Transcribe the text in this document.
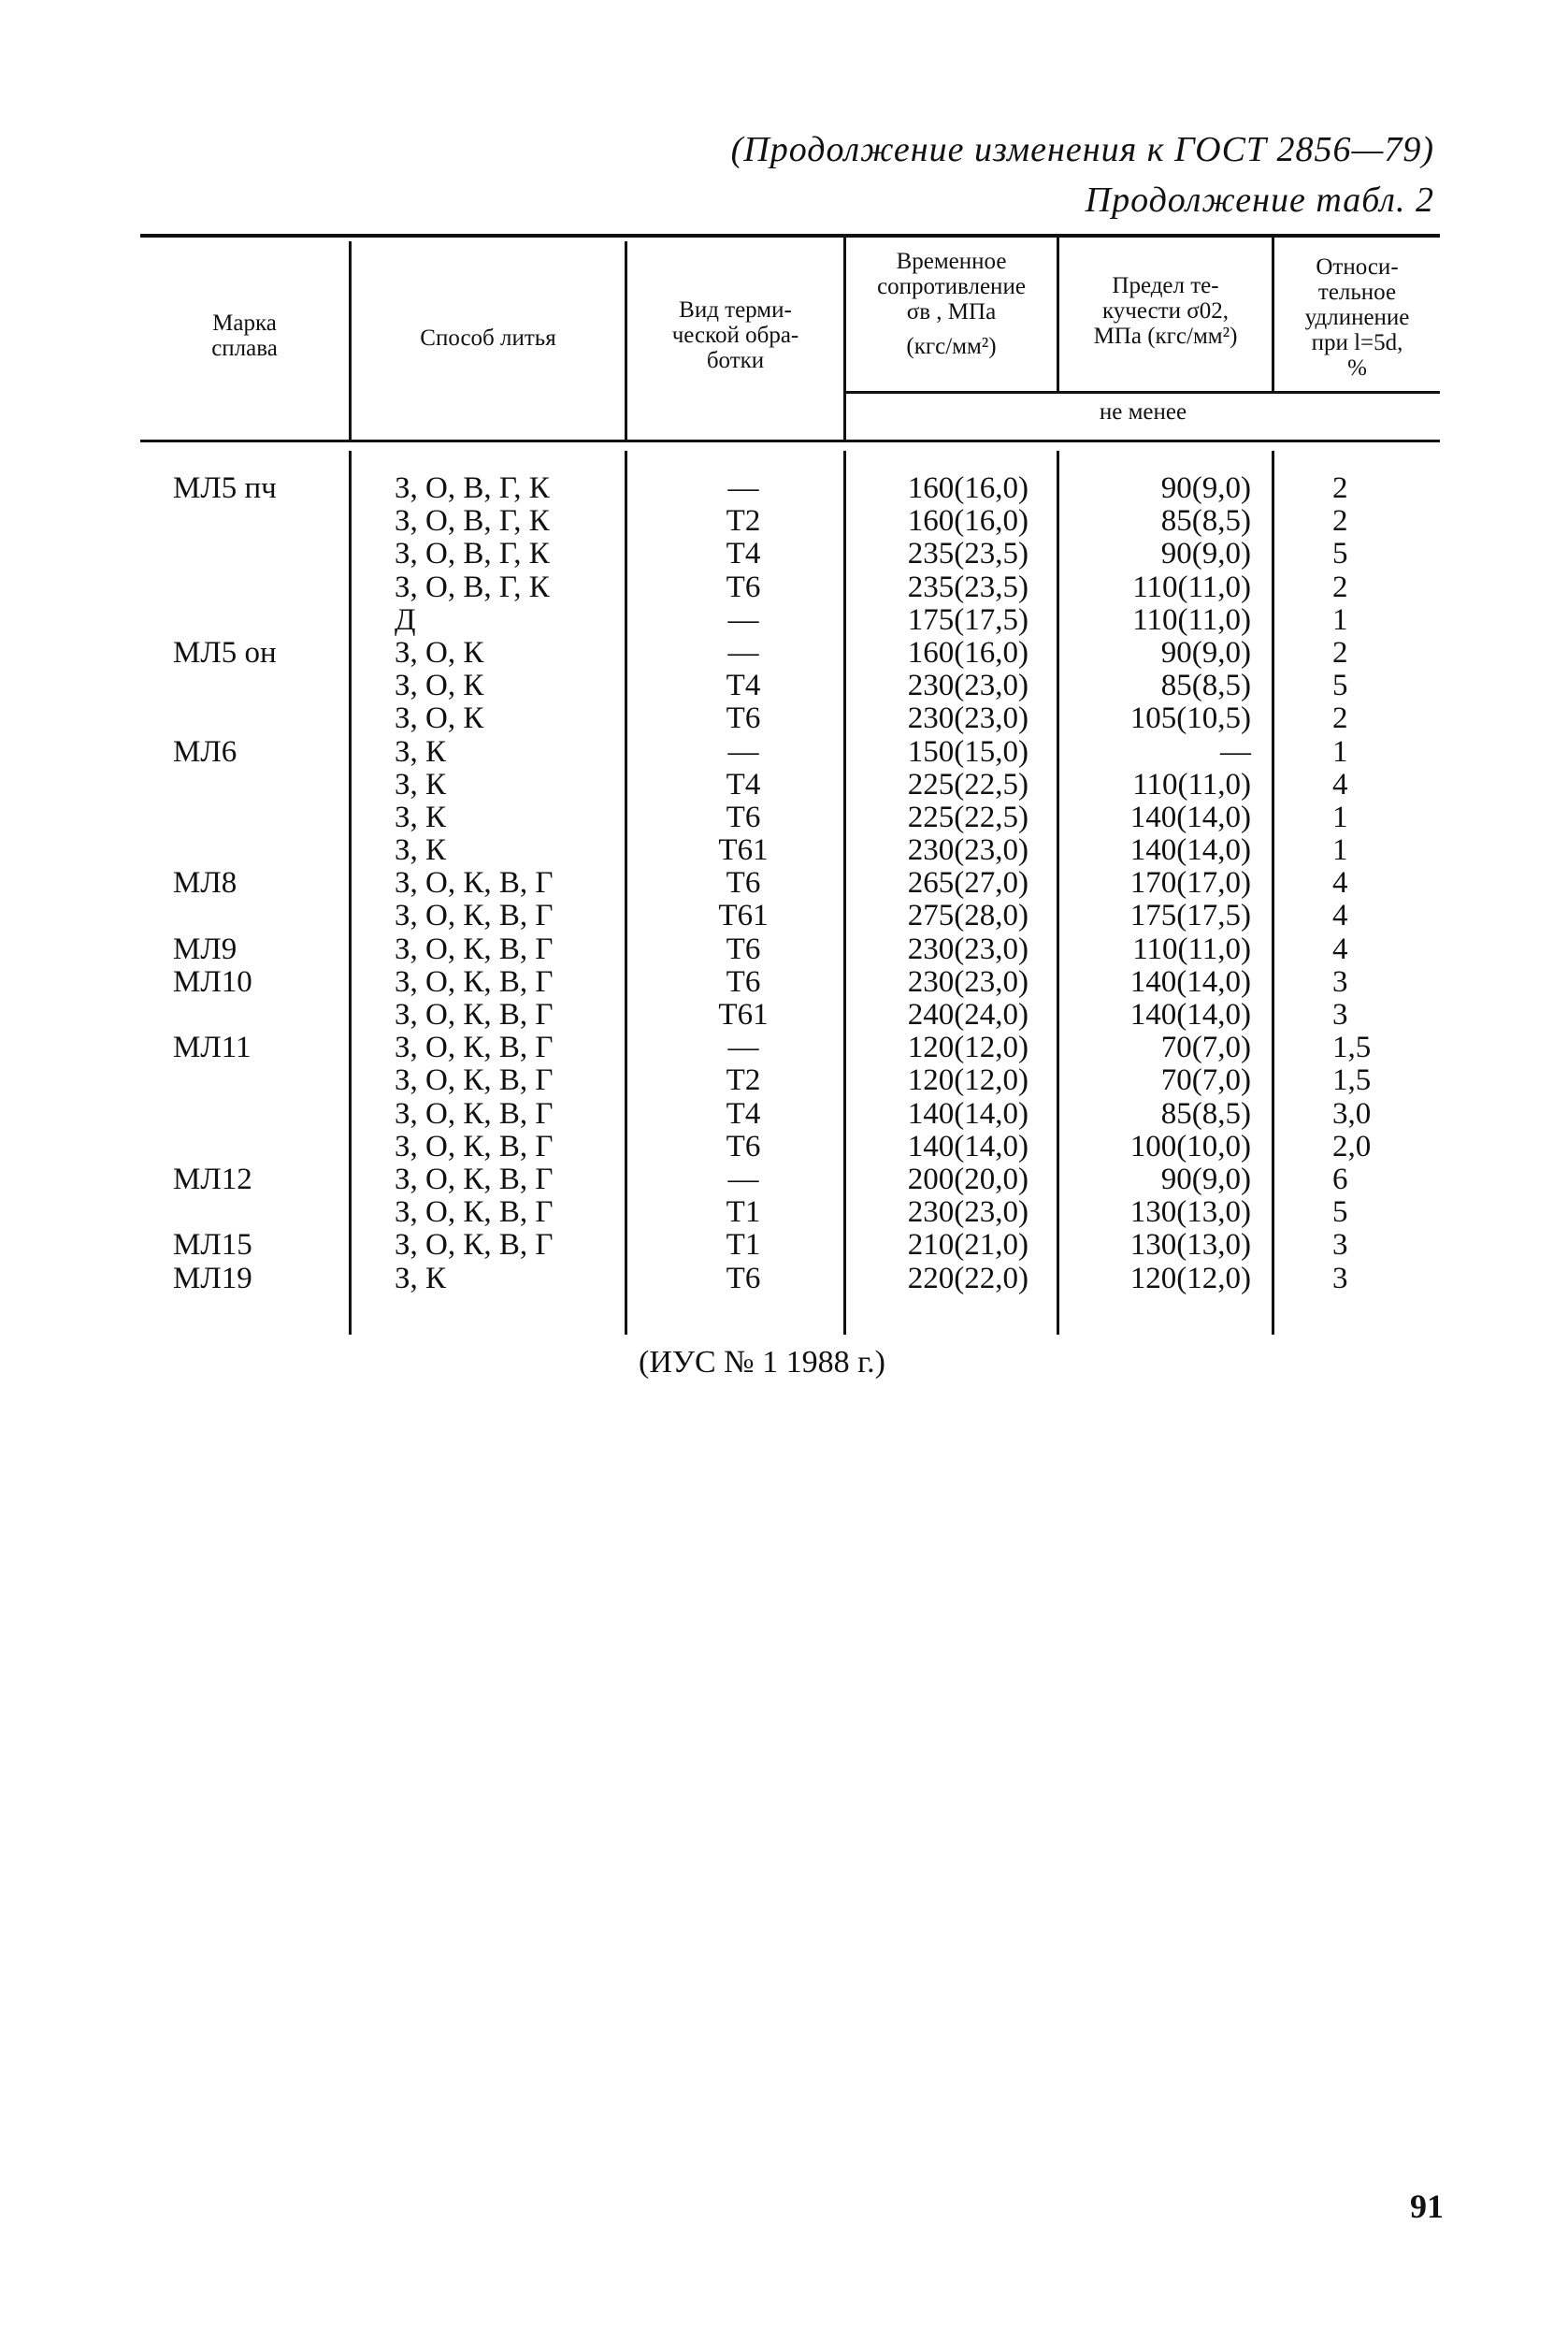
(Продолжение изменения к ГОСТ 2856—79)
Продолжение табл. 2
Марка
сплава	Способ литья
Вид терми-
ческой обра-
ботки
Временное
сопротивление
σв , МПа
(кгс/мм²)
Предел те-
кучести σ02,
МПа (кгс/мм²)
Относи-
тельное
удлинение
при l=5d,
%
не менее
МЛ5 пч
МЛ5 он
МЛ6
МЛ8
МЛ9
МЛ10
МЛ11
МЛ12
МЛ15
МЛ19
З, О, В, Г, К
З, О, В, Г, К
З, О, В, Г, К
З, О, В, Г, К
Д
З, О, К
З, О, К
З, О, К
З, К
З, К
З, К
З, К
З, О, К, В, Г
З, О, К, В, Г
З, О, К, В, Г
З, О, К, В, Г
З, О, К, В, Г
З, О, К, В, Г
З, О, К, В, Г
З, О, К, В, Г
З, О, К, В, Г
З, О, К, В, Г
З, О, К, В, Г
З, О, К, В, Г
З, К
—
Т2
Т4
Т6
—
—
Т4
Т6
—
Т4
Т6
Т61
Т6
Т61
Т6
Т6
Т61
—
Т2
Т4
Т6
—
Т1
Т1
Т6
160(16,0)
160(16,0)
235(23,5)
235(23,5)
175(17,5)
160(16,0)
230(23,0)
230(23,0)
150(15,0)
225(22,5)
225(22,5)
230(23,0)
265(27,0)
275(28,0)
230(23,0)
230(23,0)
240(24,0)
120(12,0)
120(12,0)
140(14,0)
140(14,0)
200(20,0)
230(23,0)
210(21,0)
220(22,0)
90(9,0)
85(8,5)
90(9,0)
110(11,0)
110(11,0)
90(9,0)
85(8,5)
105(10,5)
—
110(11,0)
140(14,0)
140(14,0)
170(17,0)
175(17,5)
110(11,0)
140(14,0)
140(14,0)
70(7,0)
70(7,0)
85(8,5)
100(10,0)
90(9,0)
130(13,0)
130(13,0)
120(12,0)
2
2
5
2
1
2
5
2
1
4
1
1
4
4
4
3
3
1,5
1,5
3,0
2,0
6
5
3
3
(ИУС № 1 1988 г.)
91
